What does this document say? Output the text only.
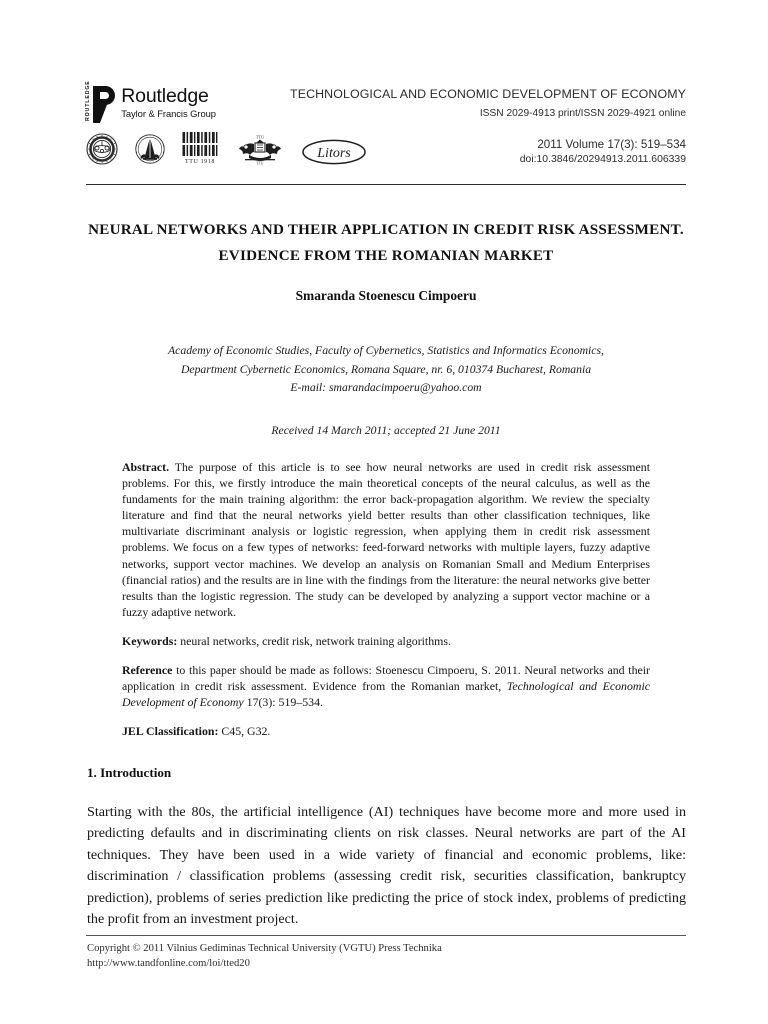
ROUTLEDGE Routledge
Taylor & Francis Group
TECHNOLOGICAL AND ECONOMIC DEVELOPMENT OF ECONOMY
ISSN 2029-4913 print/ISSN 2029-4921 online
TTU 1918
TTU
TTU
Litors
2011 Volume 17(3): 519–534
doi:10.3846/20294913.2011.606339
NEURAL NETWORKS AND THEIR APPLICATION IN CREDIT RISK ASSESSMENT. EVIDENCE FROM THE ROMANIAN MARKET
Smaranda Stoenescu Cimpoeru
Academy of Economic Studies, Faculty of Cybernetics, Statistics and Informatics Economics,
Department Cybernetic Economics, Romana Square, nr. 6, 010374 Bucharest, Romania
E-mail: smarandacimpoeru@yahoo.com
Received 14 March 2011; accepted 21 June 2011

Abstract. The purpose of this article is to see how neural networks are used in credit risk assessment problems. For this, we firstly introduce the main theoretical concepts of the neural calculus, as well as the fundaments for the main training algorithm: the error back-propagation algorithm. We review the specialty literature and find that the neural networks yield better results than other classification techniques, like multivariate discriminant analysis or logistic regression, when applying them in credit risk assessment problems. We focus on a few types of networks: feed-forward networks with multiple layers, fuzzy adaptive networks, support vector machines. We develop an analysis on Romanian Small and Medium Enterprises (financial ratios) and the results are in line with the findings from the literature: the neural networks give better results than the logistic regression. The study can be developed by analyzing a support vector machine or a fuzzy adaptive network.

Keywords: neural networks, credit risk, network training algorithms.

Reference to this paper should be made as follows: Stoenescu Cimpoeru, S. 2011. Neural networks and their application in credit risk assessment. Evidence from the Romanian market, Technological and Economic Development of Economy 17(3): 519–534.

JEL Classification: C45, G32.

1. Introduction
Starting with the 80s, the artificial intelligence (AI) techniques have become more and more used in predicting defaults and in discriminating clients on risk classes. Neural networks are part of the AI techniques. They have been used in a wide variety of financial and economic problems, like: discrimination / classification problems (assessing credit risk, securities classification, bankruptcy prediction), problems of series prediction like predicting the price of stock index, problems of predicting the profit from an investment project.
Copyright © 2011 Vilnius Gediminas Technical University (VGTU) Press Technika
http://www.tandfonline.com/loi/tted20
